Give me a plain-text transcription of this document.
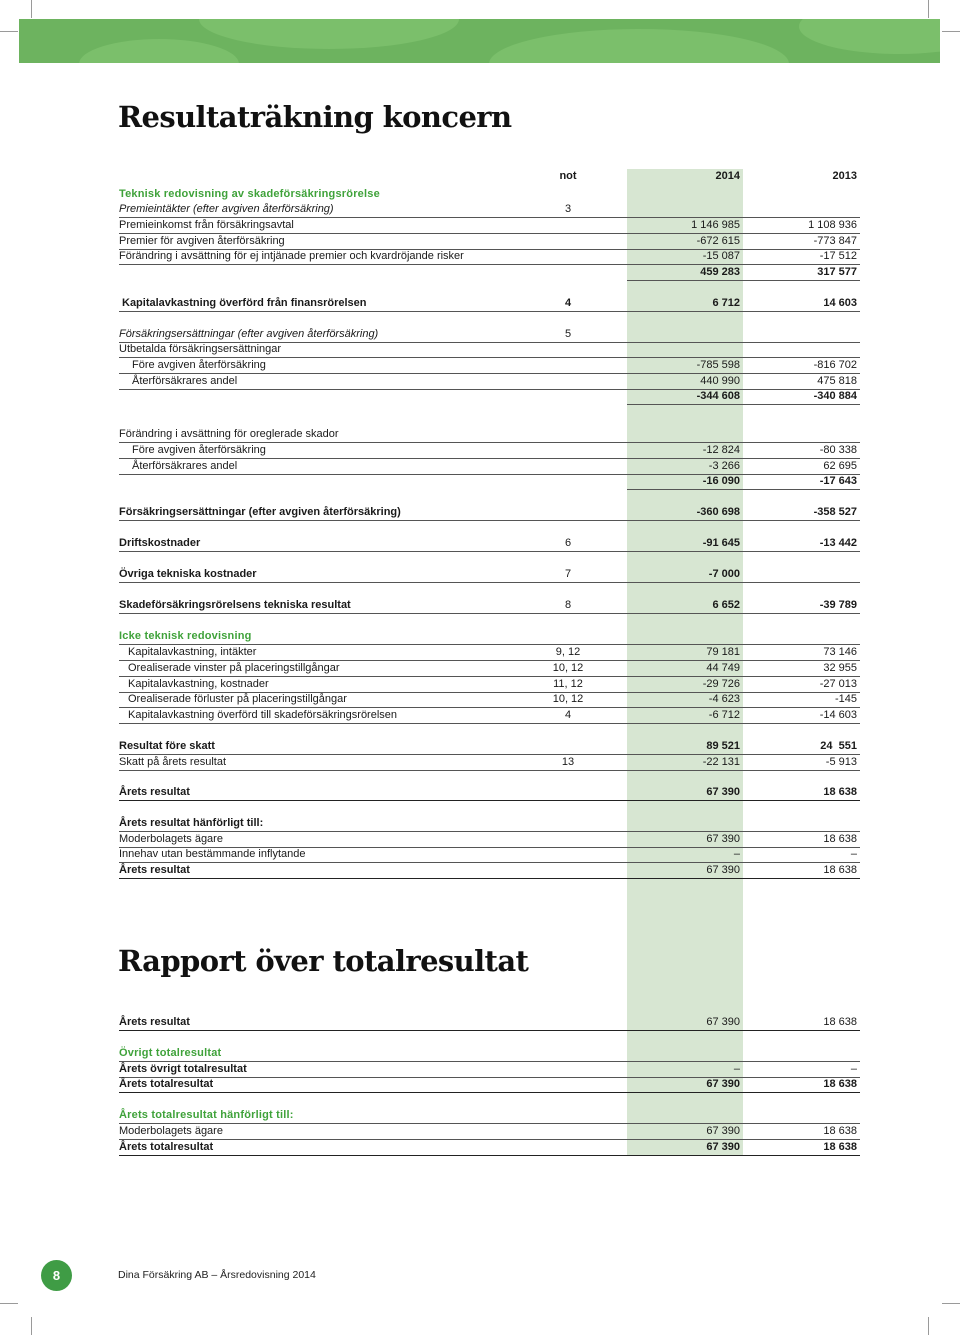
Resultaträkning koncern
not	2014	2013
Teknisk redovisning av skadeförsäkringsrörelse
Premieintäkter (efter avgiven återförsäkring)	3
Premieinkomst från försäkringsavtal	1 146 985	1 108 936
Premier för avgiven återförsäkring	-672 615	-773 847
Förändring i avsättning för ej intjänade premier och kvardröjande risker	-15 087	-17 512
459 283	317 577
Kapitalavkastning överförd från finansrörelsen	4	6 712	14 603
Försäkringsersättningar (efter avgiven återförsäkring)	5
Utbetalda försäkringsersättningar
Före avgiven återförsäkring	-785 598	-816 702
Återförsäkrares andel	440 990	475 818
-344 608	-340 884
Förändring i avsättning för oreglerade skador
Före avgiven återförsäkring	-12 824	-80 338
Återförsäkrares andel	-3 266	62 695
-16 090	-17 643
Försäkringsersättningar (efter avgiven återförsäkring)	-360 698	-358 527
Driftskostnader	6	-91 645	-13 442
Övriga tekniska kostnader	7	-7 000
Skadeförsäkringsrörelsens tekniska resultat	8	6 652	-39 789
Icke teknisk redovisning
Kapitalavkastning, intäkter	9, 12	79 181	73 146
Orealiserade vinster på placeringstillgångar	10, 12	44 749	32 955
Kapitalavkastning, kostnader	11, 12	-29 726	-27 013
Orealiserade förluster på placeringstillgångar	10, 12	-4 623	-145
Kapitalavkastning överförd till skadeförsäkringsrörelsen	4	-6 712	-14 603
Resultat före skatt	89 521	24  551
Skatt på årets resultat	13	-22 131	-5 913
Årets resultat	67 390	18 638
Årets resultat hänförligt till:
Moderbolagets ägare	67 390	18 638
Innehav utan bestämmande inflytande	–	–
Årets resultat	67 390	18 638
Rapport över totalresultat
Årets resultat	67 390	18 638
Övrigt totalresultat
Årets övrigt totalresultat	–	–
Årets totalresultat	67 390	18 638
Årets totalresultat hänförligt till:
Moderbolagets ägare	67 390	18 638
Årets totalresultat	67 390	18 638
8	Dina Försäkring AB – Årsredovisning 2014
